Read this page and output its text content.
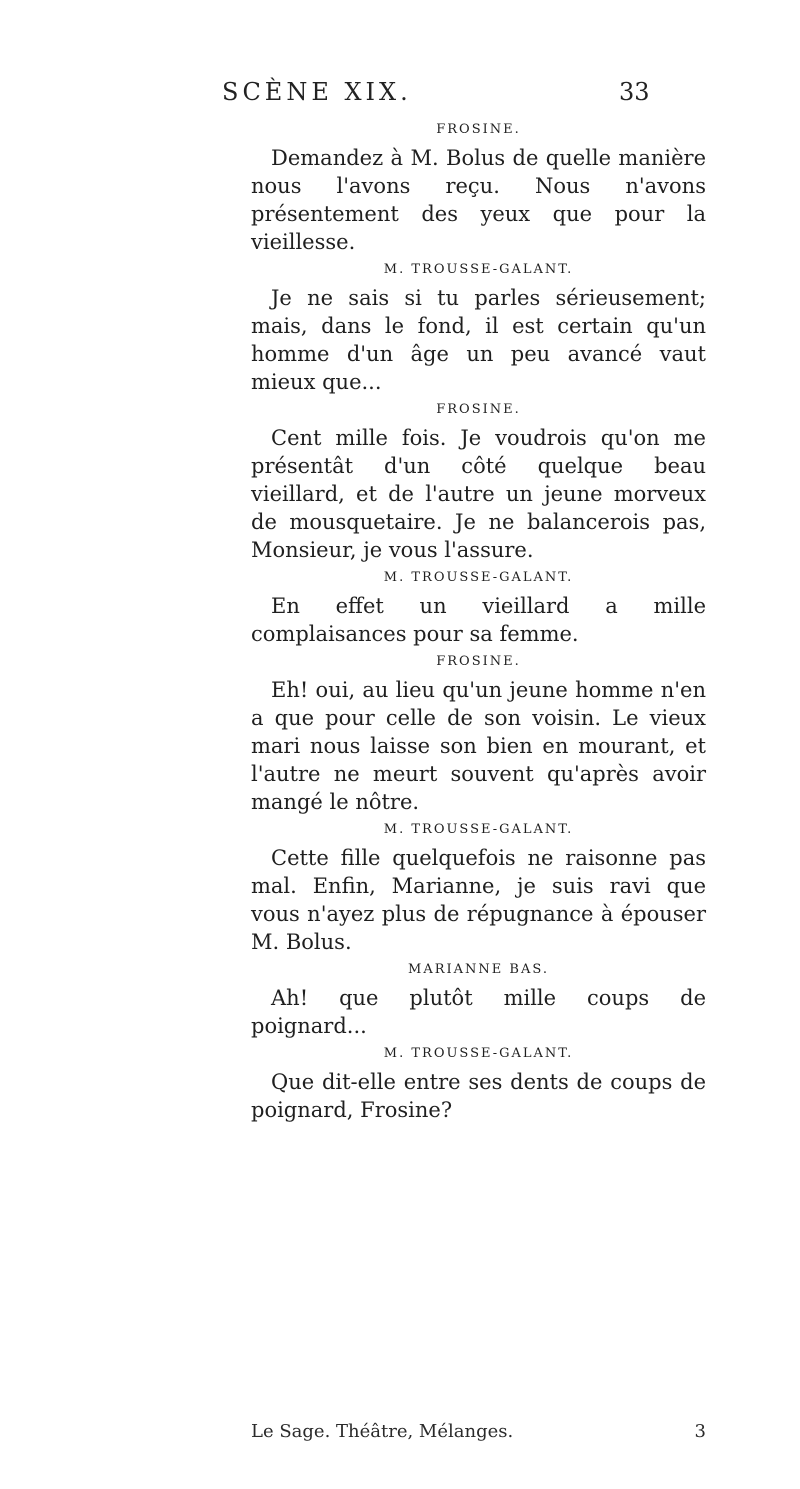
SCÈNE XIX.	33
FROSINE.

Demandez à M. Bolus de quelle manière nous l'avons reçu. Nous n'avons présentement des yeux que pour la vieillesse.

M. TROUSSE-GALANT.

Je ne sais si tu parles sérieusement; mais, dans le fond, il est certain qu'un homme d'un âge un peu avancé vaut mieux que...

FROSINE.

Cent mille fois. Je voudrois qu'on me présentât d'un côté quelque beau vieillard, et de l'autre un jeune morveux de mousquetaire. Je ne balancerois pas, Monsieur, je vous l'assure.

M. TROUSSE-GALANT.

En effet un vieillard a mille complaisances pour sa femme.

FROSINE.

Eh! oui, au lieu qu'un jeune homme n'en a que pour celle de son voisin. Le vieux mari nous laisse son bien en mourant, et l'autre ne meurt souvent qu'après avoir mangé le nôtre.

M. TROUSSE-GALANT.

Cette fille quelquefois ne raisonne pas mal. Enfin, Marianne, je suis ravi que vous n'ayez plus de répugnance à épouser M. Bolus.

MARIANNE BAS.

Ah! que plutôt mille coups de poignard...

M. TROUSSE-GALANT.

Que dit-elle entre ses dents de coups de poignard, Frosine?

Le Sage. Théâtre, Mélanges.	3
